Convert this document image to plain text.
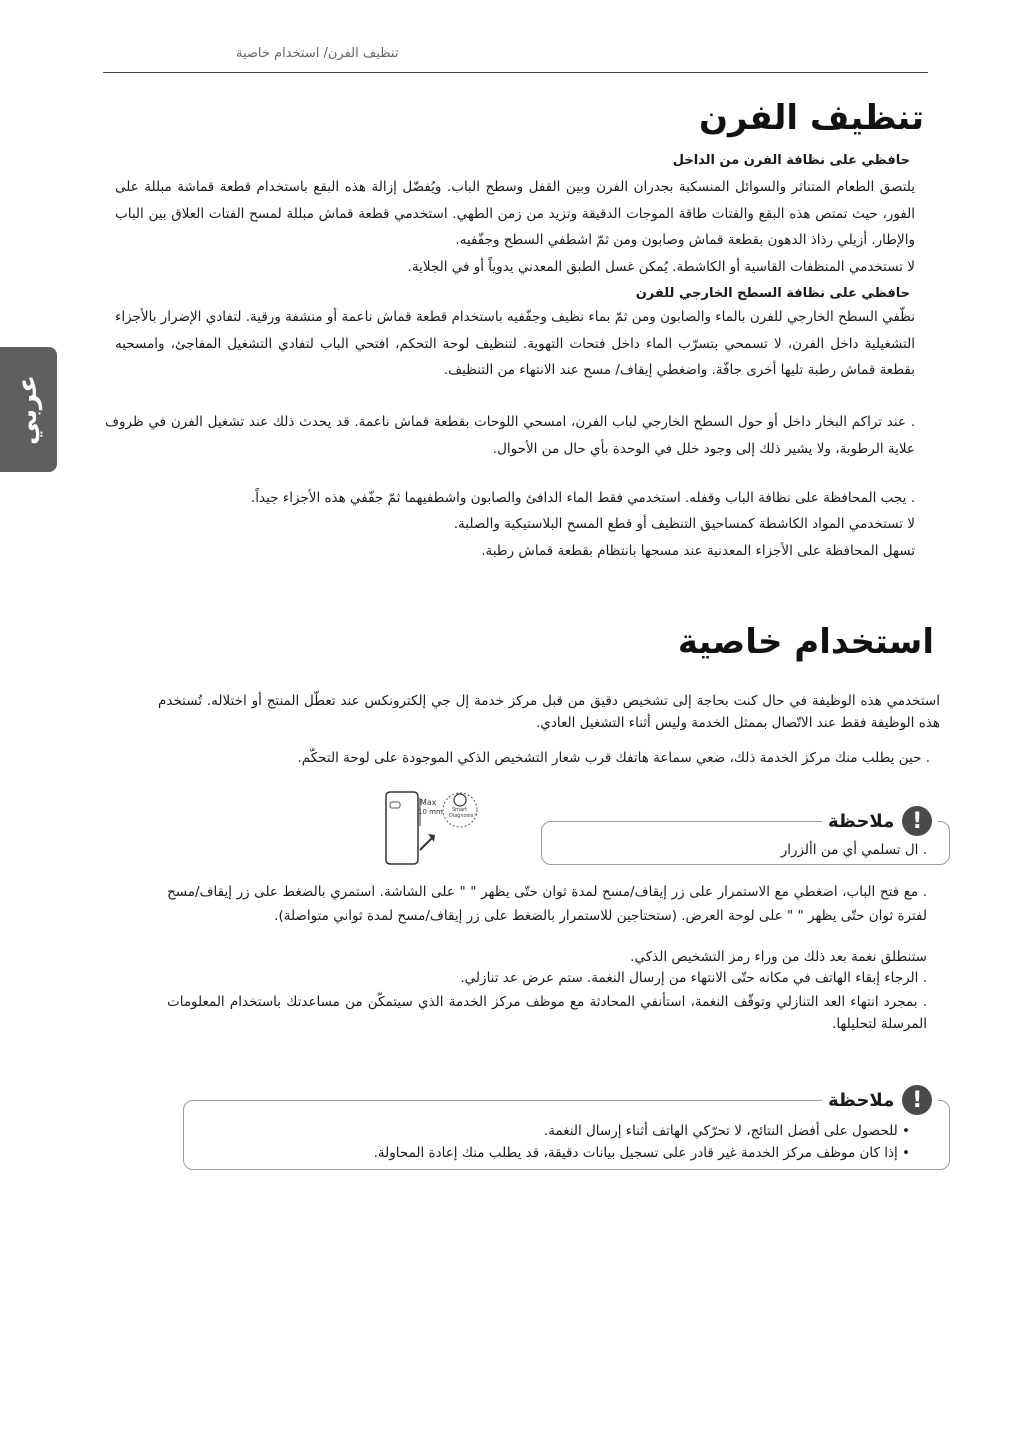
تنظيف الفرن/ استخدام خاصية
عربي
تنظيف الفرن
حافظي على نظافة الفرن من الداخل
يلتصق الطعام المتناثر والسوائل المنسكبة بجدران الفرن وبين القفل وسطح الباب. ويُفضّل إزالة هذه البقع باستخدام قطعة قماشة مبللة على الفور، حيث تمتص هذه البقع والفتات طاقة الموجات الدقيقة وتزيد من زمن الطهي. استخدمي قطعة قماش مبللة لمسح الفتات العلاق بين الباب والإطار. أزيلي رذاذ الدهون بقطعة قماش وصابون ومن ثمّ اشطفي السطح وجفّفيه.
لا تستخدمي المنظفات القاسية أو الكاشطة. يُمكن غسل الطبق المعدني يدوياً أو في الجلاية.
حافظي على نظافة السطح الخارجي للفرن
نظّفي السطح الخارجي للفرن بالماء والصابون ومن ثمّ بماء نظيف وجفّفيه باستخدام قطعة قماش ناعمة أو منشفة ورقية. لتفادي الإضرار بالأجزاء التشغيلية داخل الفرن، لا تسمحي بتسرّب الماء داخل فتحات التهوية. لتنظيف لوحة التحكم، افتحي الباب لتفادي التشغيل المفاجئ، وامسحيه بقطعة قماش رطبة تليها أخرى جافّة. واضغطي إيقاف/ مسح عند الانتهاء من التنظيف.
. عند تراكم البخار داخل أو حول السطح الخارجي لباب الفرن، امسحي اللوحات بقطعة قماش ناعمة. قد يحدث ذلك عند تشغيل الفرن في ظروف علاية الرطوبة، ولا يشير ذلك إلى وجود خلل في الوحدة بأي حال من الأحوال.
. يجب المحافظة على نظافة الباب وقفله. استخدمي فقط الماء الدافئ والصابون واشطفيهما ثمّ جفّفي هذه الأجزاء جيداً.
لا تستخدمي المواد الكاشطة كمساحيق التنظيف أو قطع المسح البلاستيكية والصلبة.
تسهل المحافظة على الأجزاء المعدنية عند مسحها بانتظام بقطعة قماش رطبة.
استخدام خاصية
استخدمي هذه الوظيفة في حال كنت بحاجة إلى تشخيص دقيق من قبل مركز خدمة إل جي إلكترونكس عند تعطّل المنتج أو اختلاله. تُستخدم هذه الوظيفة فقط عند الاتّصال بممثل الخدمة وليس أثناء التشغيل العادي.
. حين يطلب منك مركز الخدمة ذلك، ضعي سماعة هاتفك قرب شعار التشخيص الذكي الموجودة على لوحة التحكّم.
Max
10 mm Smart
Diagnosis™	!
ملاحظة
. ال تسلمي أي من األزرار
. مع فتح الباب، اضغطي مع الاستمرار على زر إيقاف/مسح لمدة ثوان حتّى يظهر " " على الشاشة. استمري بالضغط على زر إيقاف/مسح لفترة ثوان حتّى يظهر " " على لوحة العرض. (ستحتاجين للاستمرار بالضغط على زر إيقاف/مسح لمدة ثواني متواصلة).
ستنطلق نغمة بعد ذلك من وراء رمز التشخيص الذكي.
. الرجاء إبقاء الهاتف في مكانه حتّى الانتهاء من إرسال النغمة. ستم عرض عد تنازلي.
. بمجرد انتهاء العد التنازلي وتوقّف النغمة، استأنفي المحادثة مع موظف مركز الخدمة الذي سيتمكّن من مساعدتك باستخدام المعلومات المرسلة لتحليلها.
!
ملاحظة
• للحصول على أفضل النتائج، لا تحرّكي الهاتف أثناء إرسال النغمة.
• إذا كان موظف مركز الخدمة غير قادر على تسجيل بيانات دقيقة، قد يطلب منك إعادة المحاولة.
